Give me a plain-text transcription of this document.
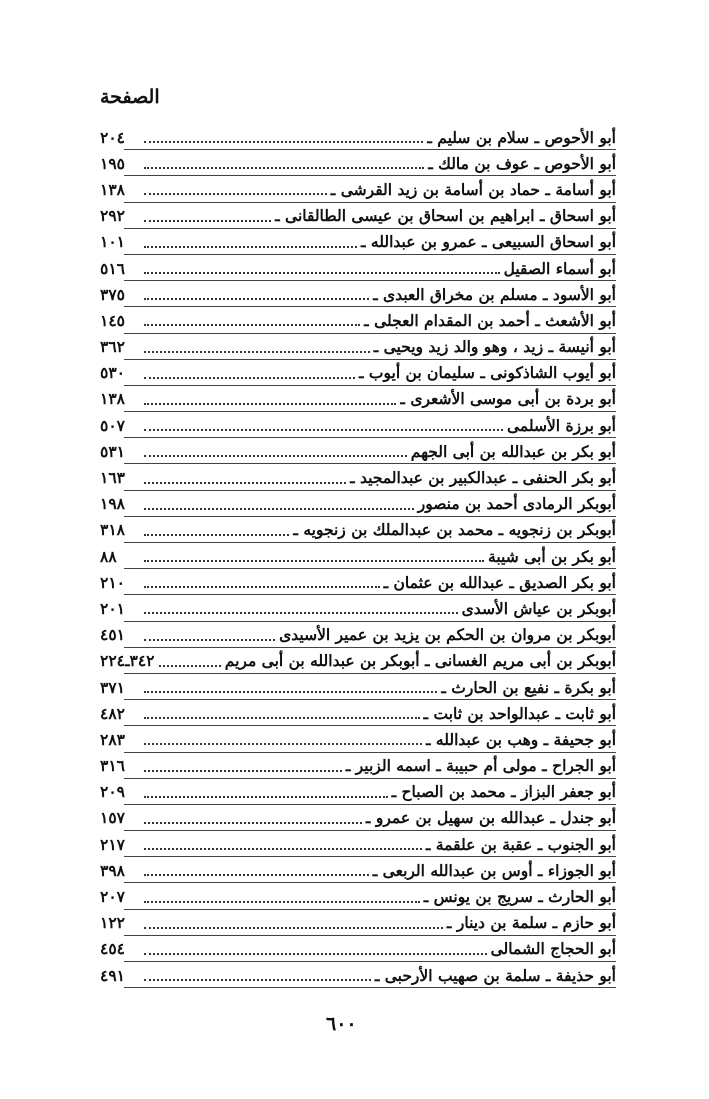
الصفحة
أبو الأحوص ـ سلام بن سليم ـ
٢٠٤
أبو الأحوص ـ عوف بن مالك ـ
١٩٥
أبو أسامة ـ حماد بن أسامة بن زيد القرشى ـ
١٣٨
أبو اسحاق ـ ابراهيم بن اسحاق بن عيسى الطالقانى ـ
٢٩٢
أبو اسحاق السبيعى ـ عمرو بن عبدالله ـ
١٠١
أبو أسماء الصقيل
٥١٦
أبو الأسود ـ مسلم بن مخراق العبدى ـ
٣٧٥
أبو الأشعث ـ أحمد بن المقدام العجلى ـ
١٤٥
أبو أنيسة ـ زيد ، وهو والد زيد ويحيى ـ
٣٦٢
أبو أيوب الشاذكونى ـ سليمان بن أيوب ـ
٥٣٠
أبو بردة بن أبى موسى الأشعرى ـ
١٣٨
أبو برزة الأسلمى
٥٠٧
أبو بكر بن عبدالله بن أبى الجهم
٥٣١
أبو بكر الحنفى ـ عبدالكبير بن عبدالمجيد ـ
١٦٣
أبوبكر الرمادى أحمد بن منصور
١٩٨
أبوبكر بن زنجويه ـ محمد بن عبدالملك بن زنجويه ـ
٣١٨
أبو بكر بن أبى شيبة
٨٨
أبو بكر الصديق ـ عبدالله بن عثمان ـ
٢١٠
أبوبكر بن عياش الأسدى
٢٠١
أبوبكر بن مروان بن الحكم بن يزيد بن عمير الأسيدى
٤٥١
أبوبكر بن أبى مريم الغسانى ـ أبوبكر بن عبدالله بن أبى مريم
٣٤٢ـ٢٢٤
أبو بكرة ـ نفيع بن الحارث ـ
٣٧١
أبو ثابت ـ عبدالواحد بن ثابت ـ
٤٨٢
أبو جحيفة ـ وهب بن عبدالله ـ
٢٨٣
أبو الجراح ـ مولى أم حبيبة ـ اسمه الزبير ـ
٣١٦
أبو جعفر البزاز ـ محمد بن الصباح ـ
٢٠٩
أبو جندل ـ عبدالله بن سهيل بن عمرو ـ
١٥٧
أبو الجنوب ـ عقبة بن علقمة ـ
٢١٧
أبو الجوزاء ـ أوس بن عبدالله الربعى ـ
٣٩٨
أبو الحارث ـ سريج بن يونس ـ
٢٠٧
أبو حازم ـ سلمة بن دينار ـ
١٢٢
أبو الحجاج الشمالى
٤٥٤
أبو حذيفة ـ سلمة بن صهيب الأرحبى ـ
٤٩١
٦٠٠
